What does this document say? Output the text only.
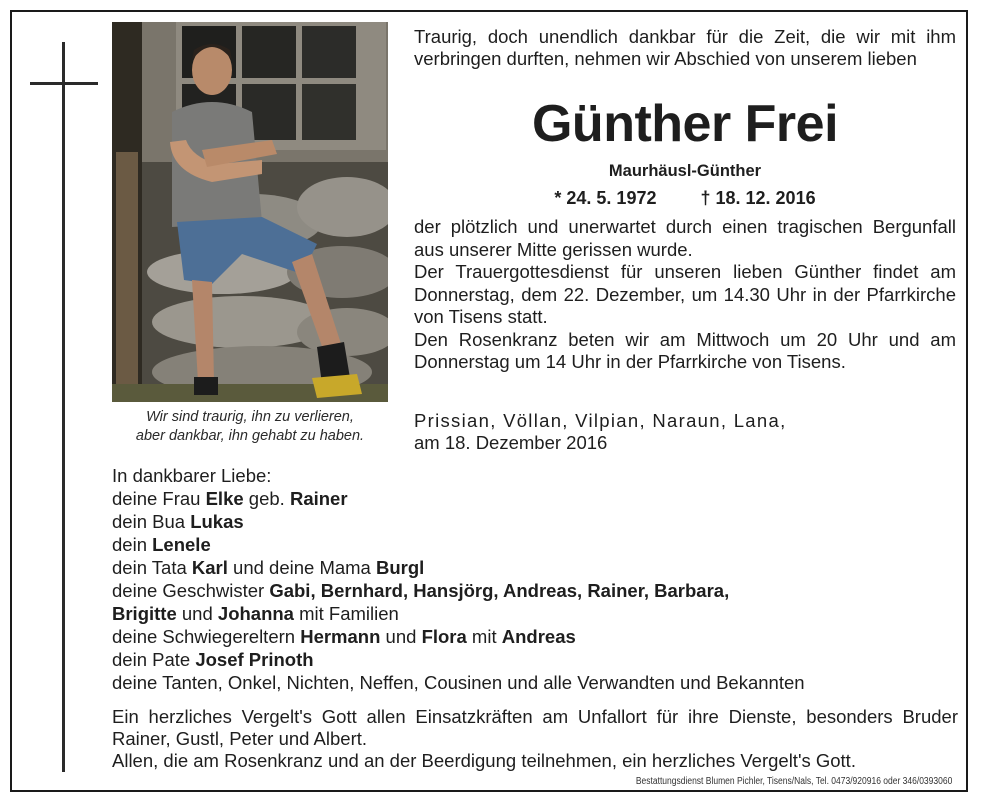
Wir sind traurig, ihn zu verlieren,
aber dankbar, ihn gehabt zu haben.
Traurig, doch unendlich dankbar für die Zeit, die wir mit ihm verbringen durften, nehmen wir Abschied von unserem lieben
Günther Frei
Maurhäusl-Günther
* 24. 5. 1972 † 18. 12. 2016

der plötzlich und unerwartet durch einen tragischen Bergunfall aus unserer Mitte gerissen wurde.

Der Trauergottesdienst für unseren lieben Günther findet am Donnerstag, dem 22. Dezember, um 14.30 Uhr in der Pfarrkirche von Tisens statt.

Den Rosenkranz beten wir am Mittwoch um 20 Uhr und am Donnerstag um 14 Uhr in der Pfarrkirche von Tisens.

Prissian, Völlan, Vilpian, Naraun, Lana,
am 18. Dezember 2016
In dankbarer Liebe:
deine Frau Elke geb. Rainer
dein Bua Lukas
dein Lenele
dein Tata Karl und deine Mama Burgl
deine Geschwister Gabi, Bernhard, Hansjörg, Andreas, Rainer, Barbara,
Brigitte und Johanna mit Familien
deine Schwiegereltern Hermann und Flora mit Andreas
dein Pate Josef Prinoth
deine Tanten, Onkel, Nichten, Neffen, Cousinen und alle Verwandten und Bekannten

Ein herzliches Vergelt's Gott allen Einsatzkräften am Unfallort für ihre Dienste, besonders Bruder Rainer, Gustl, Peter und Albert.

Allen, die am Rosenkranz und an der Beerdigung teilnehmen, ein herzliches Vergelt's Gott.

Bestattungsdienst Blumen Pichler, Tisens/Nals, Tel. 0473/920916 oder 346/0393060
